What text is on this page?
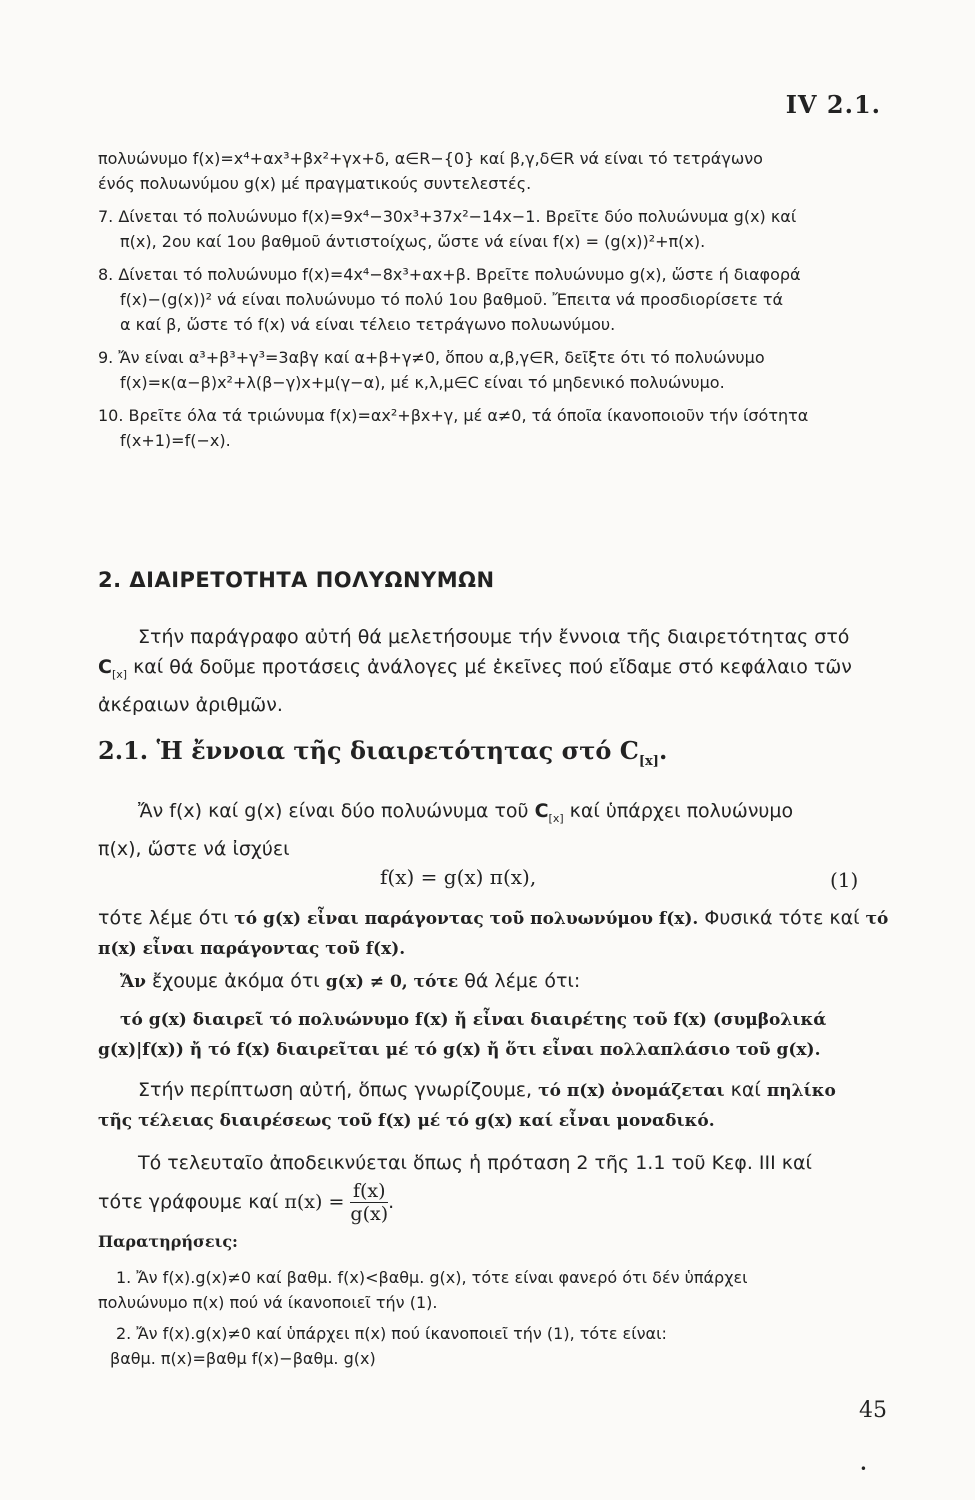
IV 2.1.
πολυώνυμο f(x)=x⁴+αx³+βx²+γx+δ, α∈R−{0} καί β,γ,δ∈R νά είναι τό τετράγωνο
ένός πολυωνύμου g(x) μέ πραγματικούς συντελεστές.
7. Δίνεται τό πολυώνυμο f(x)=9x⁴−30x³+37x²−14x−1. Βρεῖτε δύο πολυώνυμα g(x) καί
π(x), 2ου καί 1ου βαθμοῦ άντιστοίχως, ὥστε νά είναι f(x) = (g(x))²+π(x).
8. Δίνεται τό πολυώνυμο f(x)=4x⁴−8x³+αx+β. Βρεῖτε πολυώνυμο g(x), ὥστε ή διαφορά
f(x)−(g(x))² νά είναι πολυώνυμο τό πολύ 1ου βαθμοῦ. Ἔπειτα νά προσδιορίσετε τά
α καί β, ὥστε τό f(x) νά είναι τέλειο τετράγωνο πολυωνύμου.
9. Ἄν είναι α³+β³+γ³=3αβγ καί α+β+γ≠0, ὅπου α,β,γ∈R, δεῖξτε ότι τό πολυώνυμο
f(x)=κ(α−β)x²+λ(β−γ)x+μ(γ−α), μέ κ,λ,μ∈C είναι τό μηδενικό πολυώνυμο.
10. Βρεῖτε όλα τά τριώνυμα f(x)=αx²+βx+γ, μέ α≠0, τά όποῖα ίκανοποιοῦν τήν ίσότητα
f(x+1)=f(−x).
2. ΔΙΑΙΡΕΤΟΤΗΤΑ ΠΟΛΥΩΝΥΜΩΝ
Στήν παράγραφο αὐτή θά μελετήσουμε τήν ἔννοια τῆς διαιρετότητας στό
$C_{[x]}$ καί θά δοῦμε προτάσεις ἀνάλογες μέ ἐκεῖνες πού εἴδαμε στό κεφάλαιο τῶν
ἀκέραιων ἀριθμῶν.
2.1. Ἡ ἔννοια τῆς διαιρετότητας στό $C_{[x]}$.
Ἄν f(x) καί g(x) είναι δύο πολυώνυμα τοῦ $C_{[x]}$ καί ὑπάρχει πολυώνυμο
π(x), ὥστε νά ἰσχύει
f(x) = g(x) π(x),	(1)
τότε λέμε ότι τό g(x) εἶναι παράγοντας τοῦ πολυωνύμου f(x). Φυσικά τότε καί τό
π(x) εἶναι παράγοντας τοῦ f(x).
Ἄν ἔχουμε ἀκόμα ότι g(x) ≠ 0, τότε θά λέμε ότι:
τό g(x) διαιρεῖ τό πολυώνυμο f(x) ἤ εἶναι διαιρέτης τοῦ f(x) (συμβολικά
g(x)|f(x)) ἤ τό f(x) διαιρεῖται μέ τό g(x) ἤ ὅτι εἶναι πολλαπλάσιο τοῦ g(x).
Στήν περίπτωση αὐτή, ὅπως γνωρίζουμε, τό π(x) ὀνομάζεται καί πηλίκο
τῆς τέλειας διαιρέσεως τοῦ f(x) μέ τό g(x) καί εἶναι μοναδικό.
Τό τελευταῖο ἀποδεικνύεται ὅπως ἡ πρόταση 2 τῆς 1.1 τοῦ Κεφ. III καί
τότε γράφουμε καί $\pi(x) = \frac{f(x)}{g(x)}$ .
Παρατηρήσεις:
1. Ἄν f(x).g(x)≠0 καί βαθμ. f(x)<βαθμ. g(x), τότε είναι φανερό ότι δέν ὑπάρχει
πολυώνυμο π(x) πού νά ίκανοποιεῖ τήν (1).
2. Ἄν f(x).g(x)≠0 καί ὑπάρχει π(x) πού ίκανοποιεῖ τήν (1), τότε είναι:
βαθμ. π(x)=βαθμ f(x)−βαθμ. g(x)
45
•
